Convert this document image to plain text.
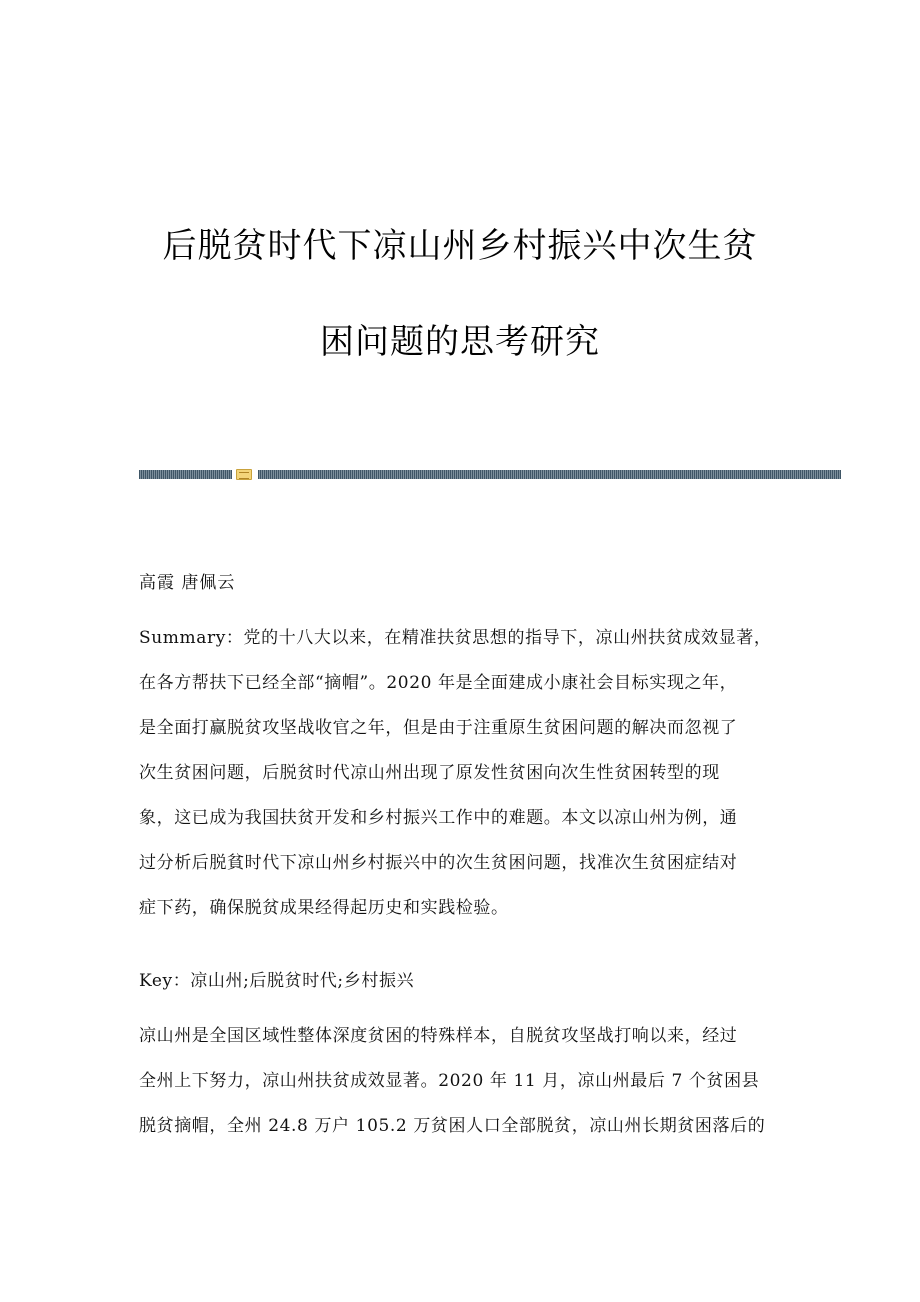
后脱贫时代下凉山州乡村振兴中次生贫
困问题的思考研究
高霞 唐佩云

Summary：党的十八大以来，在精准扶贫思想的指导下，凉山州扶贫成效显著，
在各方帮扶下已经全部“摘帽”。2020 年是全面建成小康社会目标实现之年，
是全面打赢脱贫攻坚战收官之年，但是由于注重原生贫困问题的解决而忽视了
次生贫困问题，后脱贫时代凉山州出现了原发性贫困向次生性贫困转型的现
象，这已成为我国扶贫开发和乡村振兴工作中的难题。本文以凉山州为例，通
过分析后脱貧时代下凉山州乡村振兴中的次生贫困问题，找准次生贫困症结对
症下药，确保脱贫成果经得起历史和实践检验。

Key：凉山州;后脱贫时代;乡村振兴

凉山州是全国区域性整体深度贫困的特殊样本，自脱贫攻坚战打响以来，经过
全州上下努力，凉山州扶贫成效显著。2020 年 11 月，凉山州最后 7 个贫困县
脱贫摘帽，全州 24.8 万户 105.2 万贫困人口全部脱贫，凉山州长期贫困落后的
